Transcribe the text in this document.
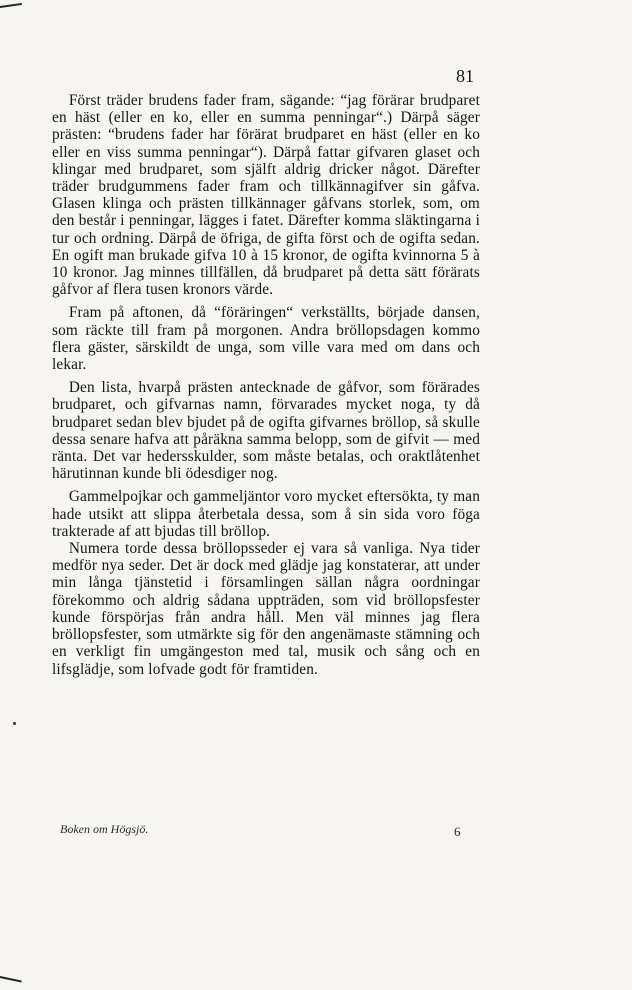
81

Först träder brudens fader fram, sägande: “jag förärar brudparet en häst (eller en ko, eller en summa penningar“.) Därpå säger prästen: “brudens fader har förärat brudparet en häst (eller en ko eller en viss summa penningar“). Därpå fattar gifvaren glaset och klingar med brudparet, som själft aldrig dricker något. Därefter träder brudgummens fader fram och tillkännagifver sin gåfva. Glasen klinga och prästen tillkännager gåfvans storlek, som, om den består i penningar, lägges i fatet. Därefter komma släktingarna i tur och ordning. Därpå de öfriga, de gifta först och de ogifta sedan. En ogift man brukade gifva 10 à 15 kronor, de ogifta kvinnorna 5 à 10 kronor. Jag minnes tillfällen, då brudparet på detta sätt förärats gåfvor af flera tusen kronors värde.

Fram på aftonen, då “föräringen“ verkställts, började dansen, som räckte till fram på morgonen. Andra bröllopsdagen kommo flera gäster, särskildt de unga, som ville vara med om dans och lekar.

Den lista, hvarpå prästen antecknade de gåfvor, som förärades brudparet, och gifvarnas namn, förvarades mycket noga, ty då brudparet sedan blev bjudet på de ogifta gifvarnes bröllop, så skulle dessa senare hafva att påräkna samma belopp, som de gifvit — med ränta. Det var hedersskulder, som måste betalas, och oraktlåtenhet härutinnan kunde bli ödesdiger nog.

Gammelpojkar och gammeljäntor voro mycket eftersökta, ty man hade utsikt att slippa återbetala dessa, som å sin sida voro föga trakterade af att bjudas till bröllop.

Numera torde dessa bröllopsseder ej vara så vanliga. Nya tider medför nya seder. Det är dock med glädje jag konstaterar, att under min långa tjänstetid i församlingen sällan några oordningar förekommo och aldrig sådana uppträden, som vid bröllopsfester kunde förspörjas från andra håll. Men väl minnes jag flera bröllopsfester, som utmärkte sig för den angenämaste stämning och en verkligt fin umgängeston med tal, musik och sång och en lifsglädje, som lofvade godt för framtiden.

Boken om Högsjö.	6
